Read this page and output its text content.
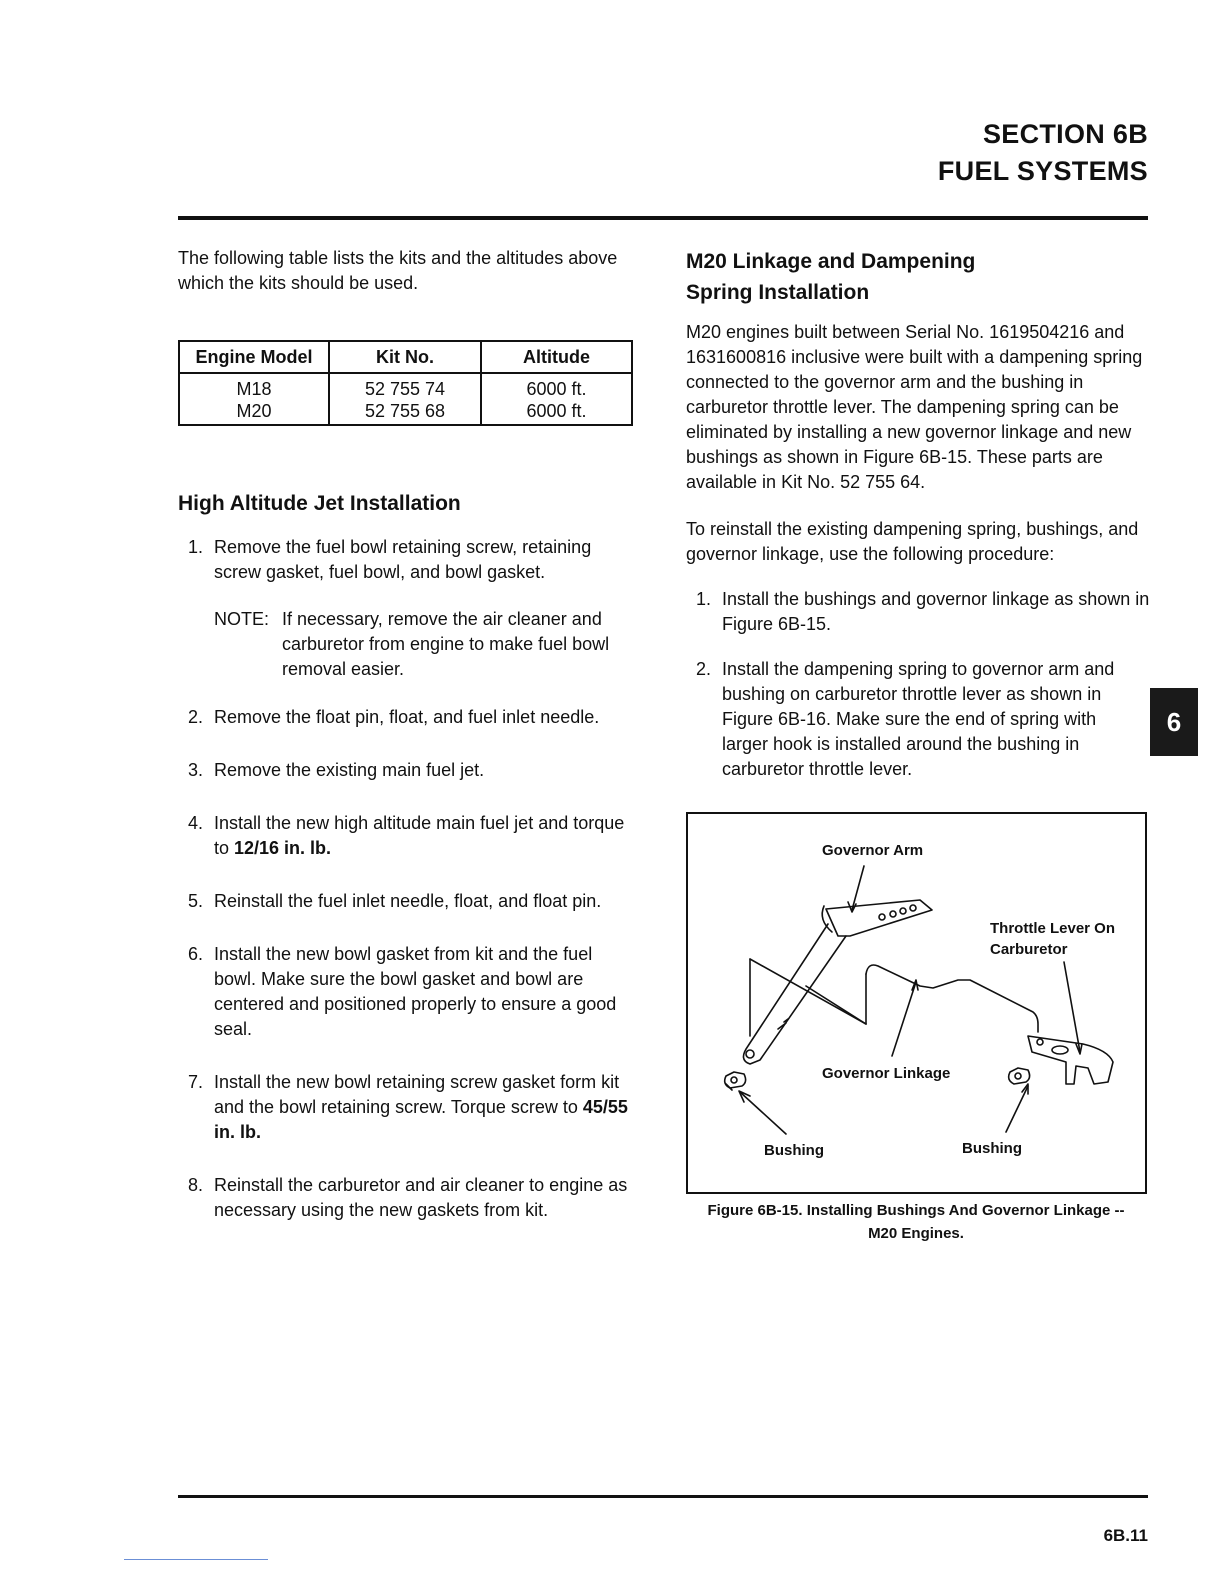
SECTION 6B
FUEL SYSTEMS

The following table lists the kits and the altitudes above which the kits should be used.

Engine Model	Kit No.	Altitude
M18	52 755 74	6000 ft.
M20	52 755 68	6000 ft.
High Altitude Jet Installation
1. Remove the fuel bowl retaining screw, retaining screw gasket, fuel bowl, and bowl gasket.
NOTE: If necessary, remove the air cleaner and carburetor from engine to make fuel bowl removal easier.
2. Remove the float pin, float, and fuel inlet needle.
3. Remove the existing main fuel jet.
4. Install the new high altitude main fuel jet and torque to 12/16 in. lb.
5. Reinstall the fuel inlet needle, float, and float pin.
6. Install the new bowl gasket from kit and the fuel bowl. Make sure the bowl gasket and bowl are centered and positioned properly to ensure a good seal.
7. Install the new bowl retaining screw gasket form kit and the bowl retaining screw. Torque screw to 45/55 in. lb.
8. Reinstall the carburetor and air cleaner to engine as necessary using the new gaskets from kit.
M20 Linkage and Dampening Spring Installation

M20 engines built between Serial No. 1619504216 and 1631600816 inclusive were built with a dampening spring connected to the governor arm and the bushing in carburetor throttle lever. The dampening spring can be eliminated by installing a new governor linkage and new bushings as shown in Figure 6B-15. These parts are available in Kit No. 52 755 64.

To reinstall the existing dampening spring, bushings, and governor linkage, use the following procedure:

1. Install the bushings and governor linkage as shown in Figure 6B-15.
2. Install the dampening spring to governor arm and bushing on carburetor throttle lever as shown in Figure 6B-16. Make sure the end of spring with larger hook is installed around the bushing in carburetor throttle lever.
Governor Arm
Throttle Lever On Carburetor
Governor Linkage
Bushing	Bushing
Figure 6B-15. Installing Bushings And Governor Linkage -- M20 Engines.
6
6B.11
